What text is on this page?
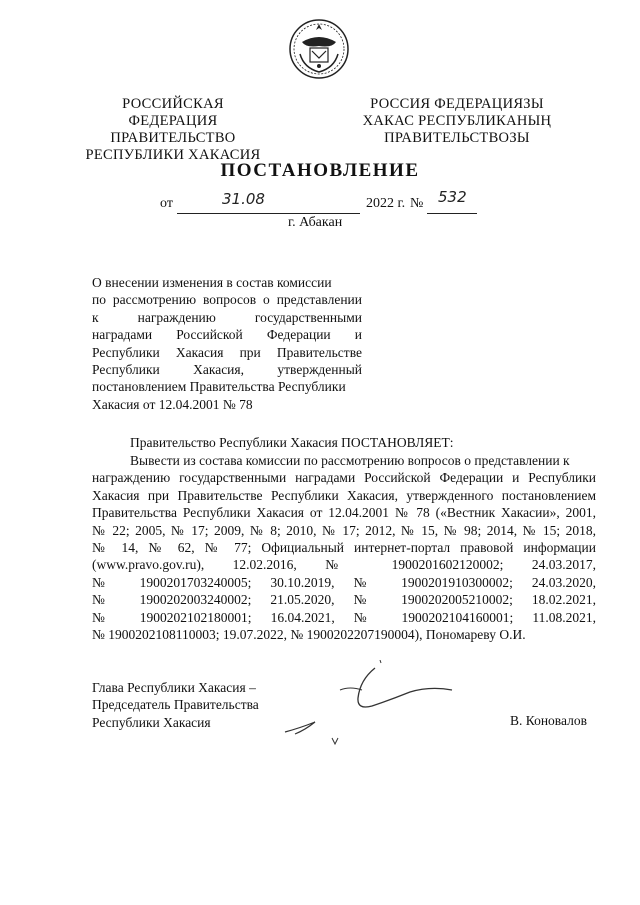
РОССИЙСКАЯ ФЕДЕРАЦИЯ
ПРАВИТЕЛЬСТВО
РЕСПУБЛИКИ ХАКАСИЯ
РОССИЯ ФЕДЕРАЦИЯЗЫ
ХАКАС РЕСПУБЛИКАНЫҢ
ПРАВИТЕЛЬСТВОЗЫ
ПОСТАНОВЛЕНИЕ
от	31.08	2022 г. № 532
г. Абакан
О внесении изменения в состав комиссии
по рассмотрению вопросов о представлении
к награждению государственными
наградами Российской Федерации и
Республики Хакасия при Правительстве
Республики Хакасия, утвержденный
постановлением Правительства Республики
Хакасия от 12.04.2001 № 78
Правительство Республики Хакасия ПОСТАНОВЛЯЕТ:
Вывести из состава комиссии по рассмотрению вопросов о представлении к
награждению государственными наградами Российской Федерации и Республики
Хакасия при Правительстве Республики Хакасия, утвержденного постановлением
Правительства Республики Хакасия от 12.04.2001 № 78 («Вестник Хакасии», 2001,
№ 22; 2005, № 17; 2009, № 8; 2010, № 17; 2012, № 15, № 98; 2014, № 15; 2018,
№ 14, № 62, № 77; Официальный интернет-портал правовой информации
(www.pravo.gov.ru), 12.02.2016, № 1900201602120002; 24.03.2017,
№ 1900201703240005; 30.10.2019, № 1900201910300002; 24.03.2020,
№ 1900202003240002; 21.05.2020, № 1900202005210002; 18.02.2021,
№ 1900202102180001; 16.04.2021, № 1900202104160001; 11.08.2021,
№ 1900202108110003; 19.07.2022, № 1900202207190004), Пономареву О.И.
Глава Республики Хакасия –
Председатель Правительства
Республики Хакасия	В. Коновалов
